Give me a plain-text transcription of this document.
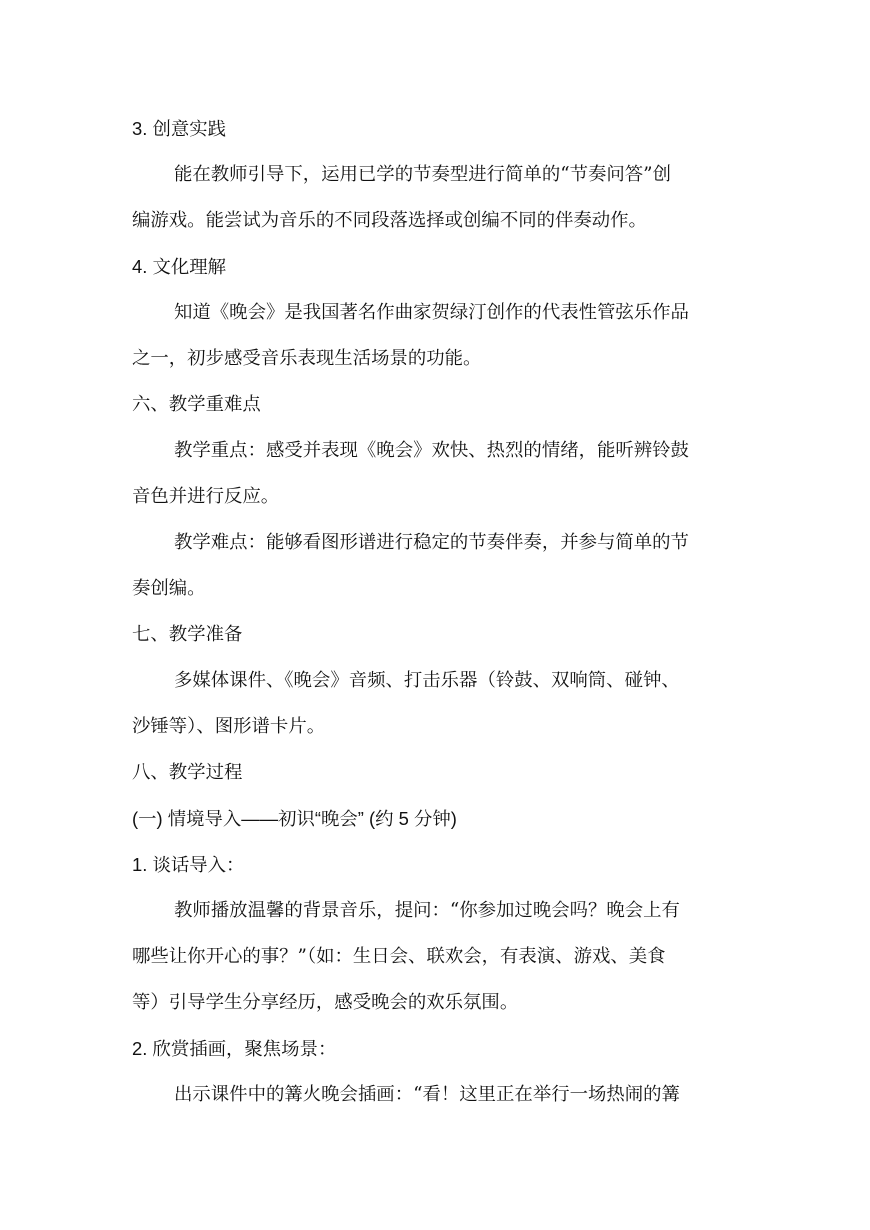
3. 创意实践
能在教师引导下，运用已学的节奏型进行简单的“节奏问答”创
编游戏。能尝试为音乐的不同段落选择或创编不同的伴奏动作。
4. 文化理解
知道《晚会》是我国著名作曲家贺绿汀创作的代表性管弦乐作品
之一，初步感受音乐表现生活场景的功能。
六、教学重难点
教学重点：感受并表现《晚会》欢快、热烈的情绪，能听辨铃鼓
音色并进行反应。
教学难点：能够看图形谱进行稳定的节奏伴奏，并参与简单的节
奏创编。
七、教学准备
多媒体课件、《晚会》音频、打击乐器（铃鼓、双响筒、碰钟、
沙锤等）、图形谱卡片。
八、教学过程
(一) 情境导入——初识“晚会” (约 5 分钟)
1. 谈话导入：
教师播放温馨的背景音乐，提问：“你参加过晚会吗？晚会上有
哪些让你开心的事？”（如：生日会、联欢会，有表演、游戏、美食
等）引导学生分享经历，感受晚会的欢乐氛围。
2. 欣赏插画，聚焦场景：
出示课件中的篝火晚会插画：“看！这里正在举行一场热闹的篝
